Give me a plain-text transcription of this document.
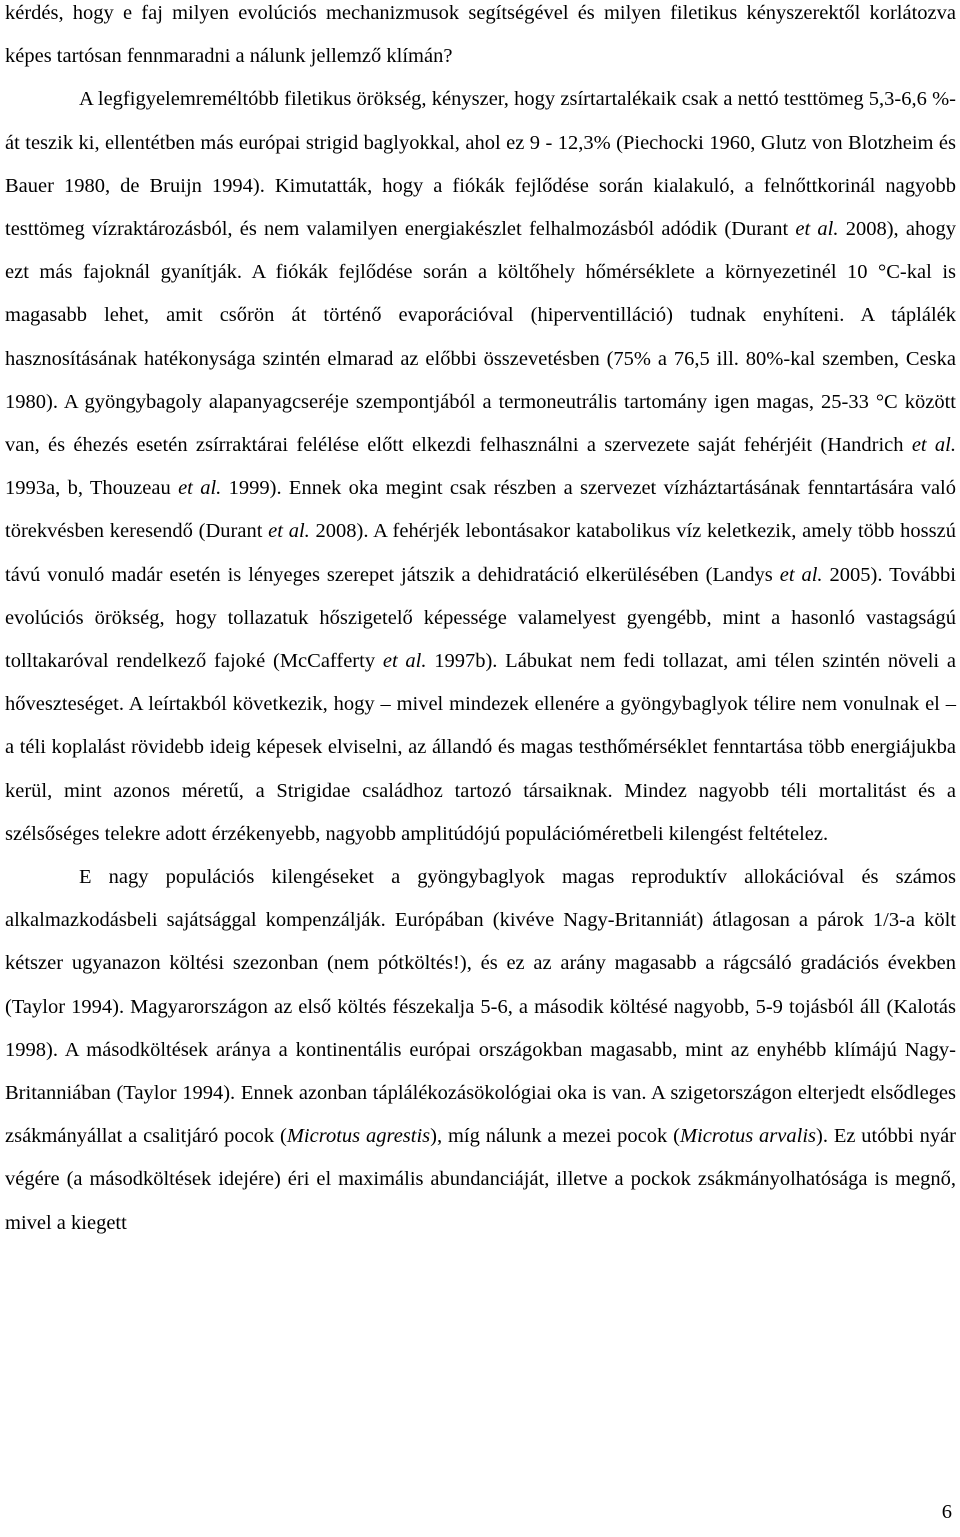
kérdés, hogy e faj milyen evolúciós mechanizmusok segítségével és milyen filetikus kényszerektől korlátozva képes tartósan fennmaradni a nálunk jellemző klímán?

A legfigyelemreméltóbb filetikus örökség, kényszer, hogy zsírtartalékaik csak a nettó testtömeg 5,3-6,6 %-át teszik ki, ellentétben más európai strigid baglyokkal, ahol ez 9 - 12,3% (Piechocki 1960, Glutz von Blotzheim és Bauer 1980, de Bruijn 1994). Kimutatták, hogy a fiókák fejlődése során kialakuló, a felnőttkorinál nagyobb testtömeg vízraktározásból, és nem valamilyen energiakészlet felhalmozásból adódik (Durant et al. 2008), ahogy ezt más fajoknál gyanítják. A fiókák fejlődése során a költőhely hőmérséklete a környezetinél 10 °C-kal is magasabb lehet, amit csőrön át történő evaporációval (hiperventilláció) tudnak enyhíteni. A táplálék hasznosításának hatékonysága szintén elmarad az előbbi összevetésben (75% a 76,5 ill. 80%-kal szemben, Ceska 1980). A gyöngybagoly alapanyagcseréje szempontjából a termoneutrális tartomány igen magas, 25-33 °C között van, és éhezés esetén zsírraktárai felélése előtt elkezdi felhasználni a szervezete saját fehérjéit (Handrich et al. 1993a, b, Thouzeau et al. 1999). Ennek oka megint csak részben a szervezet vízháztartásának fenntartására való törekvésben keresendő (Durant et al. 2008). A fehérjék lebontásakor katabolikus víz keletkezik, amely több hosszú távú vonuló madár esetén is lényeges szerepet játszik a dehidratáció elkerülésében (Landys et al. 2005). További evolúciós örökség, hogy tollazatuk hőszigetelő képessége valamelyest gyengébb, mint a hasonló vastagságú tolltakaróval rendelkező fajoké (McCafferty et al. 1997b). Lábukat nem fedi tollazat, ami télen szintén növeli a hőveszteséget. A leírtakból következik, hogy – mivel mindezek ellenére a gyöngybaglyok télire nem vonulnak el – a téli koplalást rövidebb ideig képesek elviselni, az állandó és magas testhőmérséklet fenntartása több energiájukba kerül, mint azonos méretű, a Strigidae családhoz tartozó társaiknak. Mindez nagyobb téli mortalitást és a szélsőséges telekre adott érzékenyebb, nagyobb amplitúdójú populációméretbeli kilengést feltételez.

E nagy populációs kilengéseket a gyöngybaglyok magas reproduktív allokációval és számos alkalmazkodásbeli sajátsággal kompenzálják. Európában (kivéve Nagy-Britanniát) átlagosan a párok 1/3-a költ kétszer ugyanazon költési szezonban (nem pótköltés!), és ez az arány magasabb a rágcsáló gradációs években (Taylor 1994). Magyarországon az első költés fészekalja 5-6, a második költésé nagyobb, 5-9 tojásból áll (Kalotás 1998). A másodköltések aránya a kontinentális európai országokban magasabb, mint az enyhébb klímájú Nagy-Britanniában (Taylor 1994). Ennek azonban táplálékozásökológiai oka is van. A szigetországon elterjedt elsődleges zsákmányállat a csalitjáró pocok (Microtus agrestis), míg nálunk a mezei pocok (Microtus arvalis). Ez utóbbi nyár végére (a másodköltések idejére) éri el maximális abundanciáját, illetve a pockok zsákmányolhatósága is megnő, mivel a kiegett

6
